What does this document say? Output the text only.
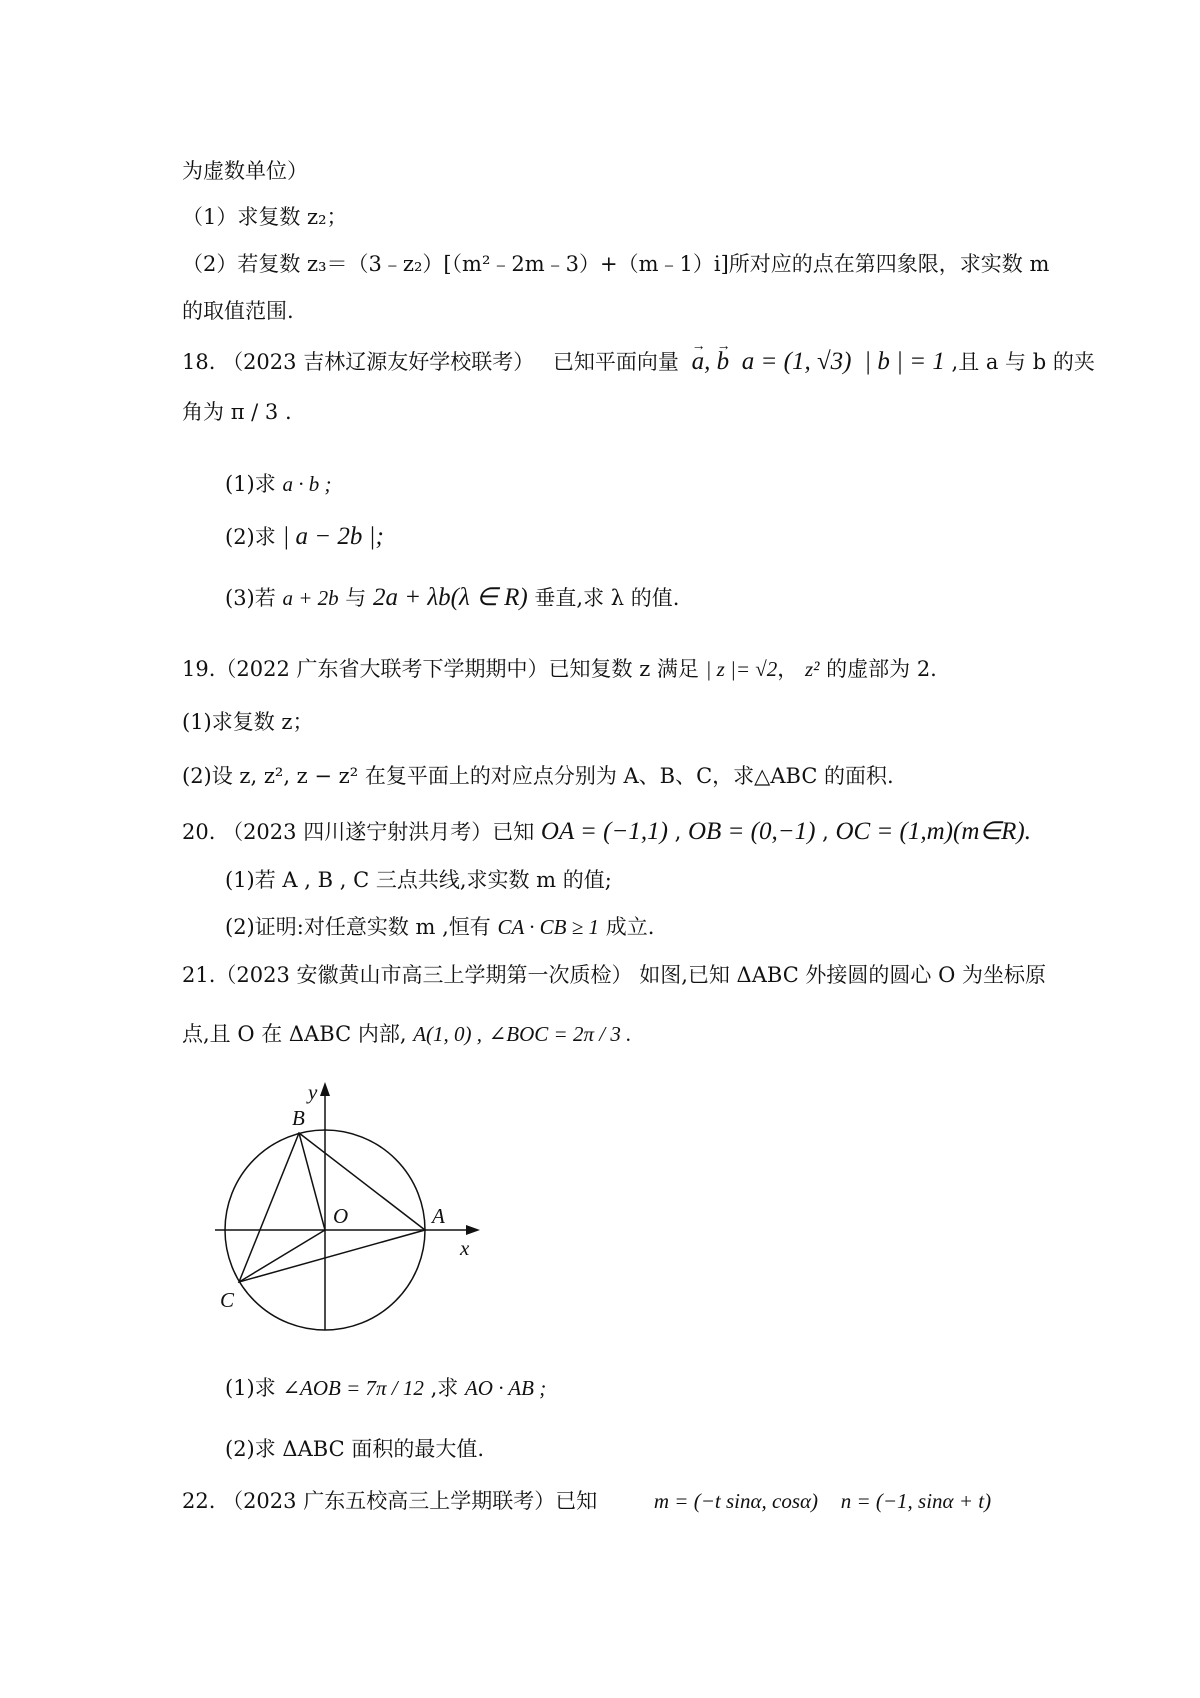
为虚数单位）
（1）求复数 z₂；
（2）若复数 z₃＝（3﹣z₂）[（m²﹣2m﹣3）+（m﹣1）i]所对应的点在第四象限，求实数 m
的取值范围.
18. （2023 吉林辽源友好学校联考） 已知平面向量 → a, → b a = (1, √3) | b | = 1 ,且 a 与 b 的夹
角为 π / 3 .
(1)求 a · b ;
(2)求 | a − 2b |;
(3)若 a + 2b 与 2a + λb(λ ∈ R) 垂直,求 λ 的值.
19.（2022 广东省大联考下学期期中）已知复数 z 满足 | z |= √2， z² 的虚部为 2.
(1)求复数 z；
(2)设 z, z², z − z² 在复平面上的对应点分别为 A、B、C，求△ABC 的面积.
20. （2023 四川遂宁射洪月考）已知 OA = (−1,1) , OB = (0,−1) , OC = (1,m)(m∈R).
(1)若 A , B , C 三点共线,求实数 m 的值;
(2)证明:对任意实数 m ,恒有 CA · CB ≥ 1 成立.
21.（2023 安徽黄山市高三上学期第一次质检） 如图,已知 ΔABC 外接圆的圆心 O 为坐标原
点,且 O 在 ΔABC 内部, A(1, 0) , ∠BOC = 2π / 3 .
y
x
A
B
C
O
(1)求 ∠AOB = 7π / 12 ,求 AO · AB ;
(2)求 ΔABC 面积的最大值.
22. （2023 广东五校高三上学期联考）已知	m = (−t sinα, cosα) n = (−1, sinα + t)
